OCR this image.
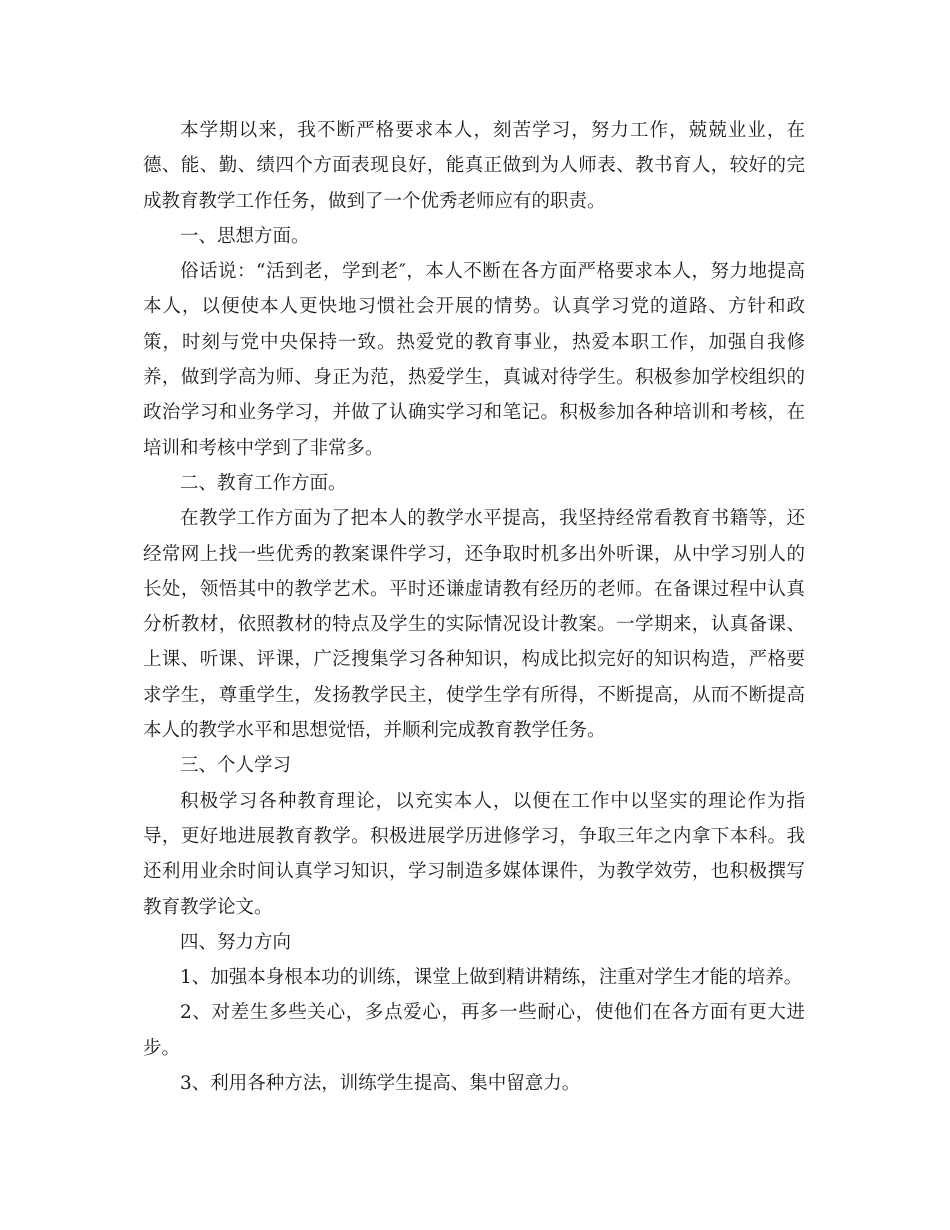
本学期以来，我不断严格要求本人，刻苦学习，努力工作，兢兢业业，在德、能、勤、绩四个方面表现良好，能真正做到为人师表、教书育人，较好的完成教育教学工作任务，做到了一个优秀老师应有的职责。

一、思想方面。

俗话说：“活到老，学到老″，本人不断在各方面严格要求本人，努力地提高本人，以便使本人更快地习惯社会开展的情势。认真学习党的道路、方针和政策，时刻与党中央保持一致。热爱党的教育事业，热爱本职工作，加强自我修养，做到学高为师、身正为范，热爱学生，真诚对待学生。积极参加学校组织的政治学习和业务学习，并做了认确实学习和笔记。积极参加各种培训和考核，在培训和考核中学到了非常多。

二、教育工作方面。

在教学工作方面为了把本人的教学水平提高，我坚持经常看教育书籍等，还经常网上找一些优秀的教案课件学习，还争取时机多出外听课，从中学习别人的长处，领悟其中的教学艺术。平时还谦虚请教有经历的老师。在备课过程中认真分析教材，依照教材的特点及学生的实际情况设计教案。一学期来，认真备课、上课、听课、评课，广泛搜集学习各种知识，构成比拟完好的知识构造，严格要求学生，尊重学生，发扬教学民主，使学生学有所得，不断提高，从而不断提高本人的教学水平和思想觉悟，并顺利完成教育教学任务。

三、个人学习

积极学习各种教育理论，以充实本人，以便在工作中以坚实的理论作为指导，更好地进展教育教学。积极进展学历进修学习，争取三年之内拿下本科。我还利用业余时间认真学习知识，学习制造多媒体课件，为教学效劳，也积极撰写教育教学论文。

四、努力方向

1、加强本身根本功的训练，课堂上做到精讲精练，注重对学生才能的培养。

2、对差生多些关心，多点爱心，再多一些耐心，使他们在各方面有更大进步。

3、利用各种方法，训练学生提高、集中留意力。
